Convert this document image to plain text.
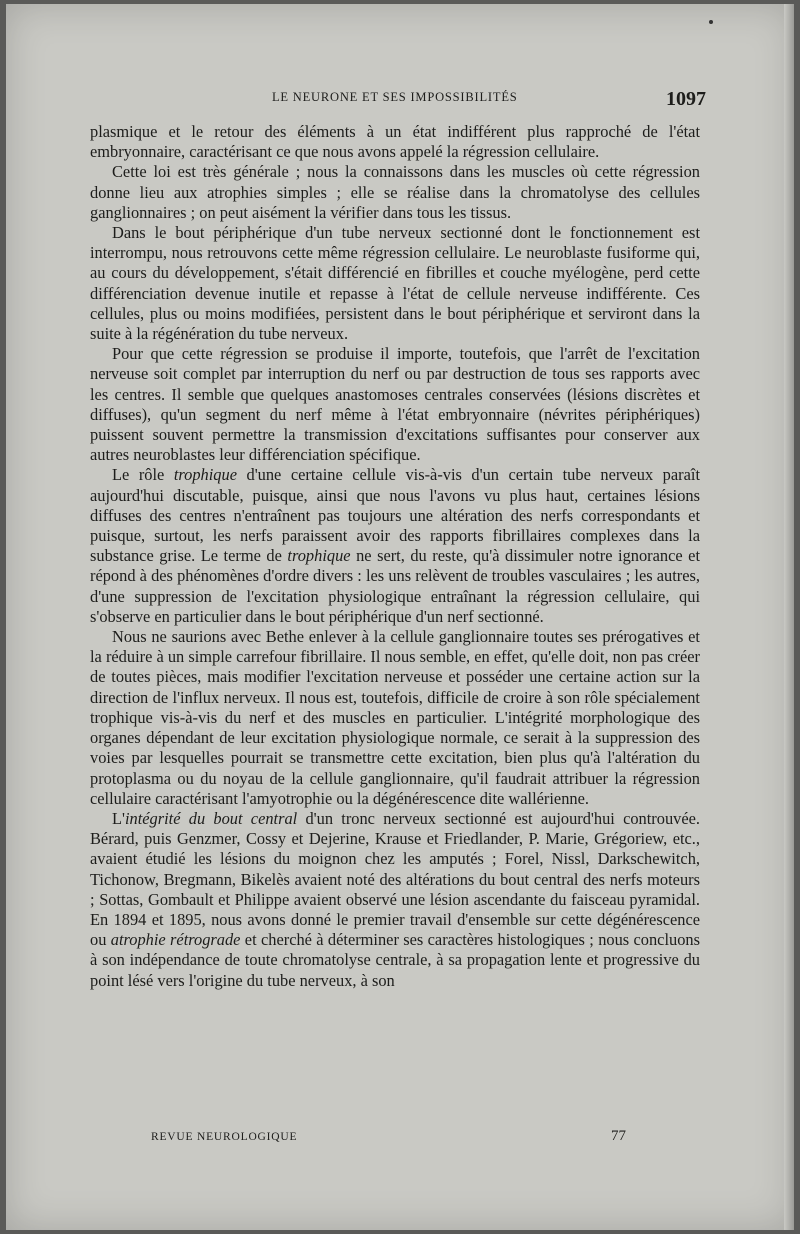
LE NEURONE ET SES IMPOSSIBILITÉS	1097

plasmique et le retour des éléments à un état indifférent plus rapproché de l'état embryonnaire, caractérisant ce que nous avons appelé la régression cellulaire.

Cette loi est très générale ; nous la connaissons dans les muscles où cette régression donne lieu aux atrophies simples ; elle se réalise dans la chromatolyse des cellules ganglionnaires ; on peut aisément la vérifier dans tous les tissus.

Dans le bout périphérique d'un tube nerveux sectionné dont le fonctionnement est interrompu, nous retrouvons cette même régression cellulaire. Le neuroblaste fusiforme qui, au cours du développement, s'était différencié en fibrilles et couche myélogène, perd cette différenciation devenue inutile et repasse à l'état de cellule nerveuse indifférente. Ces cellules, plus ou moins modifiées, persistent dans le bout périphérique et serviront dans la suite à la régénération du tube nerveux.

Pour que cette régression se produise il importe, toutefois, que l'arrêt de l'excitation nerveuse soit complet par interruption du nerf ou par destruction de tous ses rapports avec les centres. Il semble que quelques anastomoses centrales conservées (lésions discrètes et diffuses), qu'un segment du nerf même à l'état embryonnaire (névrites périphériques) puissent souvent permettre la transmission d'excitations suffisantes pour conserver aux autres neuroblastes leur différenciation spécifique.

Le rôle trophique d'une certaine cellule vis-à-vis d'un certain tube nerveux paraît aujourd'hui discutable, puisque, ainsi que nous l'avons vu plus haut, certaines lésions diffuses des centres n'entraînent pas toujours une altération des nerfs correspondants et puisque, surtout, les nerfs paraissent avoir des rapports fibrillaires complexes dans la substance grise. Le terme de trophique ne sert, du reste, qu'à dissimuler notre ignorance et répond à des phénomènes d'ordre divers : les uns relèvent de troubles vasculaires ; les autres, d'une suppression de l'excitation physiologique entraînant la régression cellulaire, qui s'observe en particulier dans le bout périphérique d'un nerf sectionné.

Nous ne saurions avec Bethe enlever à la cellule ganglionnaire toutes ses prérogatives et la réduire à un simple carrefour fibrillaire. Il nous semble, en effet, qu'elle doit, non pas créer de toutes pièces, mais modifier l'excitation nerveuse et posséder une certaine action sur la direction de l'influx nerveux. Il nous est, toutefois, difficile de croire à son rôle spécialement trophique vis-à-vis du nerf et des muscles en particulier. L'intégrité morphologique des organes dépendant de leur excitation physiologique normale, ce serait à la suppression des voies par lesquelles pourrait se transmettre cette excitation, bien plus qu'à l'altération du protoplasma ou du noyau de la cellule ganglionnaire, qu'il faudrait attribuer la régression cellulaire caractérisant l'amyotrophie ou la dégénérescence dite wallérienne.

L'intégrité du bout central d'un tronc nerveux sectionné est aujourd'hui controuvée. Bérard, puis Genzmer, Cossy et Dejerine, Krause et Friedlander, P. Marie, Grégoriew, etc., avaient étudié les lésions du moignon chez les amputés ; Forel, Nissl, Darkschewitch, Tichonow, Bregmann, Bikelès avaient noté des altérations du bout central des nerfs moteurs ; Sottas, Gombault et Philippe avaient observé une lésion ascendante du faisceau pyramidal. En 1894 et 1895, nous avons donné le premier travail d'ensemble sur cette dégénérescence ou atrophie rétrograde et cherché à déterminer ses caractères histologiques ; nous concluons à son indépendance de toute chromatolyse centrale, à sa propagation lente et progressive du point lésé vers l'origine du tube nerveux, à son

REVUE NEUROLOGIQUE	77
